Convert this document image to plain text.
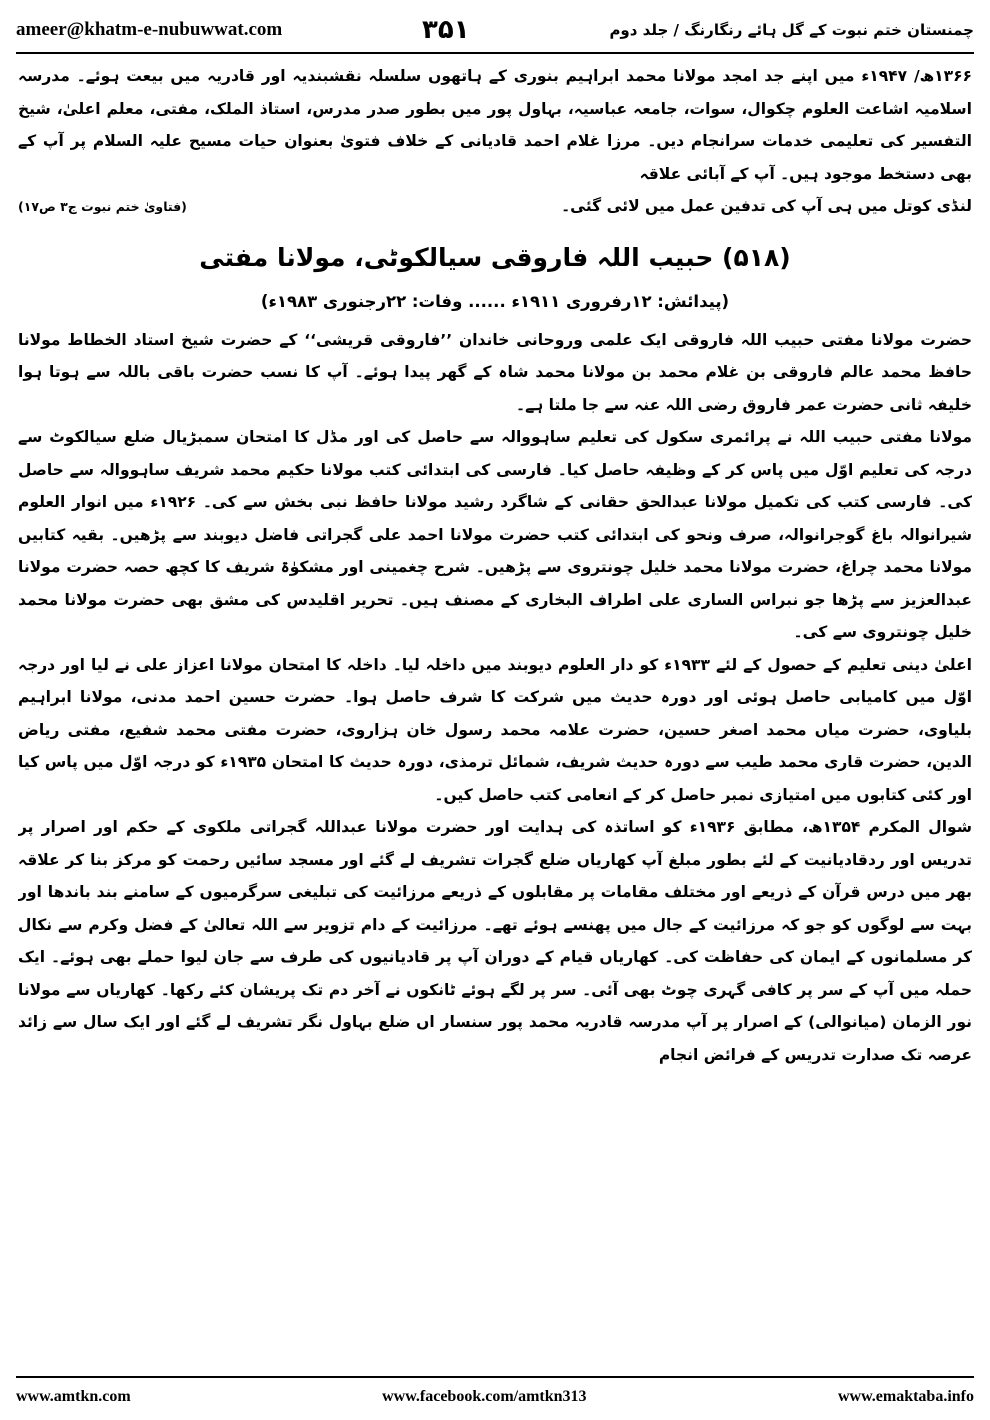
ameer@khatm-e-nubuwwat.com	۳۵۱	چمنستان ختم نبوت کے گل ہائے رنگارنگ / جلد دوم

۱۳۶۶ھ/ ۱۹۴۷ء میں اپنے جد امجد مولانا محمد ابراہیم بنوری کے ہاتھوں سلسلہ نقشبندیہ اور قادریہ میں بیعت ہوئے۔ مدرسہ اسلامیہ اشاعت العلوم چکوال، سوات، جامعہ عباسیہ، بہاول پور میں بطور صدر مدرس، استاذ الملک، مفتی، معلم اعلیٰ، شیخ التفسیر کی تعلیمی خدمات سرانجام دیں۔ مرزا غلام احمد قادیانی کے خلاف فتویٰ بعنوان حیات مسیح علیہ السلام پر آپ کے بھی دستخط موجود ہیں۔ آپ کے آبائی علاقہ

لنڈی کوتل میں ہی آپ کی تدفین عمل میں لائی گئی۔
(فتاویٰ ختم نبوت ج۳ ص۱۷)
(۵۱۸) حبیب اللہ فاروقی سیالکوٹی، مولانا مفتی
(پیدائش: ۱۲رفروری ۱۹۱۱ء ...... وفات: ۲۲رجنوری ۱۹۸۳ء)

حضرت مولانا مفتی حبیب اللہ فاروقی ایک علمی وروحانی خاندان ’’فاروقی قریشی‘‘ کے حضرت شیخ استاد الخطاط مولانا حافظ محمد عالم فاروقی بن غلام محمد بن مولانا محمد شاہ کے گھر پیدا ہوئے۔ آپ کا نسب حضرت باقی باللہ سے ہوتا ہوا خلیفہ ثانی حضرت عمر فاروق رضی اللہ عنہ سے جا ملتا ہے۔

مولانا مفتی حبیب اللہ نے پرائمری سکول کی تعلیم ساہووالہ سے حاصل کی اور مڈل کا امتحان سمبڑیال ضلع سیالکوٹ سے درجہ کی تعلیم اوّل میں پاس کر کے وظیفہ حاصل کیا۔ فارسی کی ابتدائی کتب مولانا حکیم محمد شریف ساہووالہ سے حاصل کی۔ فارسی کتب کی تکمیل مولانا عبدالحق حقانی کے شاگرد رشید مولانا حافظ نبی بخش سے کی۔ ۱۹۲۶ء میں انوار العلوم شیرانوالہ باغ گوجرانوالہ، صرف ونحو کی ابتدائی کتب حضرت مولانا احمد علی گجراتی فاضل دیوبند سے پڑھیں۔ بقیہ کتابیں مولانا محمد چراغ، حضرت مولانا محمد خلیل چونتروی سے پڑھیں۔ شرح چغمینی اور مشکوٰۃ شریف کا کچھ حصہ حضرت مولانا عبدالعزیز سے پڑھا جو نبراس الساری علی اطراف البخاری کے مصنف ہیں۔ تحریر اقلیدس کی مشق بھی حضرت مولانا محمد خلیل چونتروی سے کی۔

اعلیٰ دینی تعلیم کے حصول کے لئے ۱۹۳۳ء کو دار العلوم دیوبند میں داخلہ لیا۔ داخلہ کا امتحان مولانا اعزاز علی نے لیا اور درجہ اوّل میں کامیابی حاصل ہوئی اور دورہ حدیث میں شرکت کا شرف حاصل ہوا۔ حضرت حسین احمد مدنی، مولانا ابراہیم بلیاوی، حضرت میاں محمد اصغر حسین، حضرت علامہ محمد رسول خان ہزاروی، حضرت مفتی محمد شفیع، مفتی ریاض الدین، حضرت قاری محمد طیب سے دورہ حدیث شریف، شمائل ترمذی، دورہ حدیث کا امتحان ۱۹۳۵ء کو درجہ اوّل میں پاس کیا اور کئی کتابوں میں امتیازی نمبر حاصل کر کے انعامی کتب حاصل کیں۔

شوال المکرم ۱۳۵۴ھ، مطابق ۱۹۳۶ء کو اساتذہ کی ہدایت اور حضرت مولانا عبداللہ گجراتی ملکوی کے حکم اور اصرار پر تدریس اور ردقادیانیت کے لئے بطور مبلغ آپ کھاریاں ضلع گجرات تشریف لے گئے اور مسجد سائیں رحمت کو مرکز بنا کر علاقہ بھر میں درس قرآن کے ذریعے اور مختلف مقامات پر مقابلوں کے ذریعے مرزائیت کی تبلیغی سرگرمیوں کے سامنے بند باندھا اور بہت سے لوگوں کو جو کہ مرزائیت کے جال میں پھنسے ہوئے تھے۔ مرزائیت کے دام تزویر سے اللہ تعالیٰ کے فضل وکرم سے نکال کر مسلمانوں کے ایمان کی حفاظت کی۔ کھاریاں قیام کے دوران آپ پر قادیانیوں کی طرف سے جان لیوا حملے بھی ہوئے۔ ایک حملہ میں آپ کے سر پر کافی گہری چوٹ بھی آئی۔ سر پر لگے ہوئے ٹانکوں نے آخر دم تک پریشان کئے رکھا۔ کھاریاں سے مولانا نور الزمان (میانوالی) کے اصرار پر آپ مدرسہ قادریہ محمد پور سنسار اں ضلع بہاول نگر تشریف لے گئے اور ایک سال سے زائد عرصہ تک صدارت تدریس کے فرائض انجام

www.amtkn.com	www.facebook.com/amtkn313	www.emaktaba.info
